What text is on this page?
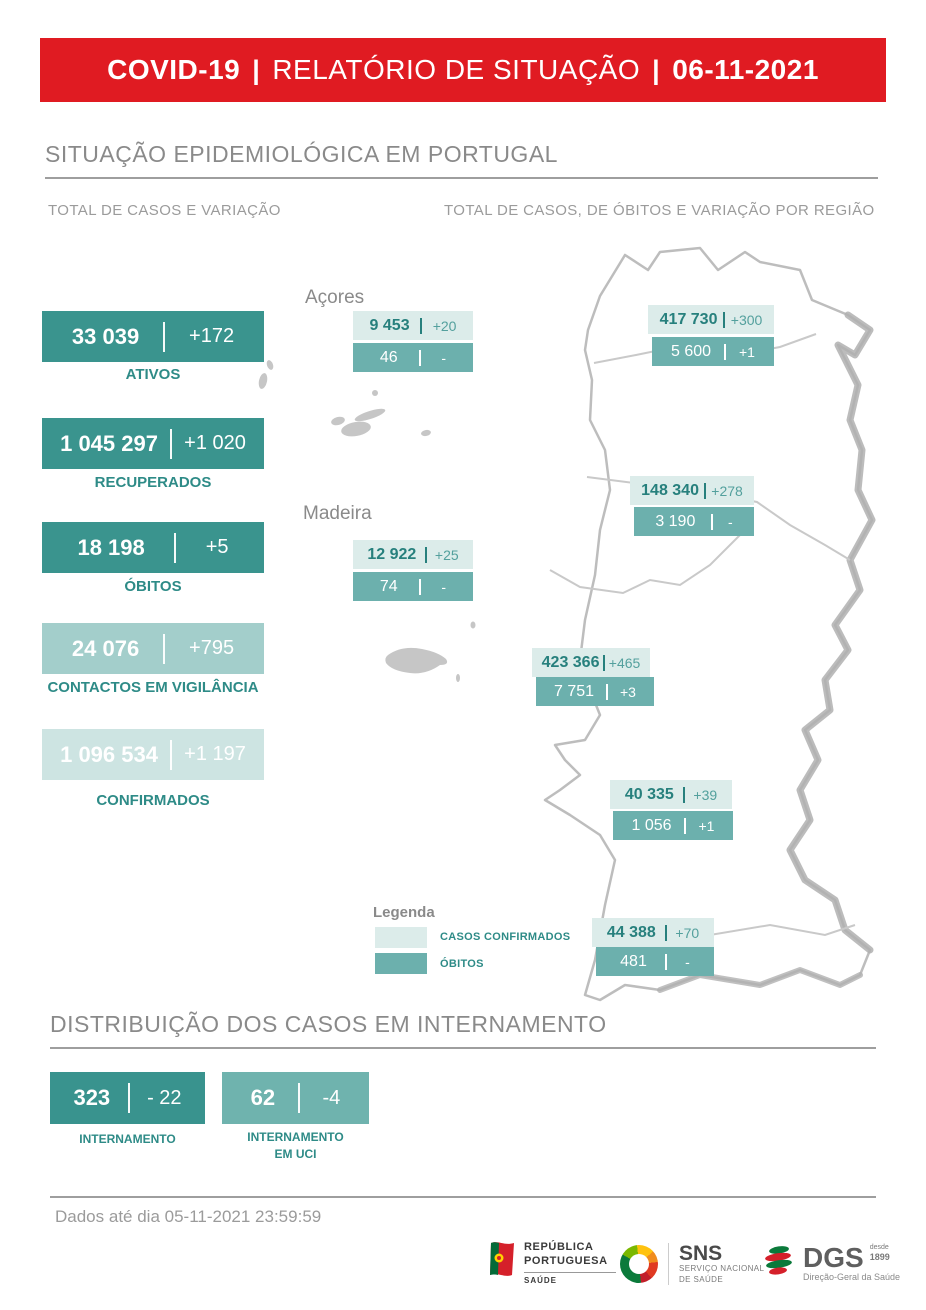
COVID-19 | RELATÓRIO DE SITUAÇÃO | 06-11-2021
SITUAÇÃO EPIDEMIOLÓGICA EM PORTUGAL
TOTAL DE CASOS E VARIAÇÃO	TOTAL DE CASOS, DE ÓBITOS E VARIAÇÃO POR REGIÃO
33 039 +172
ATIVOS
1 045 297 +1 020
RECUPERADOS
18 198	+5
ÓBITOS
24 076 +795
CONTACTOS EM VIGILÂNCIA
1 096 534 +1 197
CONFIRMADOS
Açores
9 453 +20
46	-
417 730 +300
5 600 +1
148 340 +278
3 190 -
Madeira
12 922 +25
74	-
423 366 +465
7 751 +3
40 335 +39
1 056 +1
44 388 +70
481	-
Legenda
CASOS CONFIRMADOS
ÓBITOS
DISTRIBUIÇÃO DOS CASOS EM INTERNAMENTO
323 - 22
INTERNAMENTO
62 -4
INTERNAMENTO
EM UCI
Dados até dia 05-11-2021 23:59:59
REPÚBLICA
PORTUGUESA
SAÚDE
SNS
SERVIÇO NACIONAL
DE SAÚDE
DGS desde
1899
Direção-Geral da Saúde
